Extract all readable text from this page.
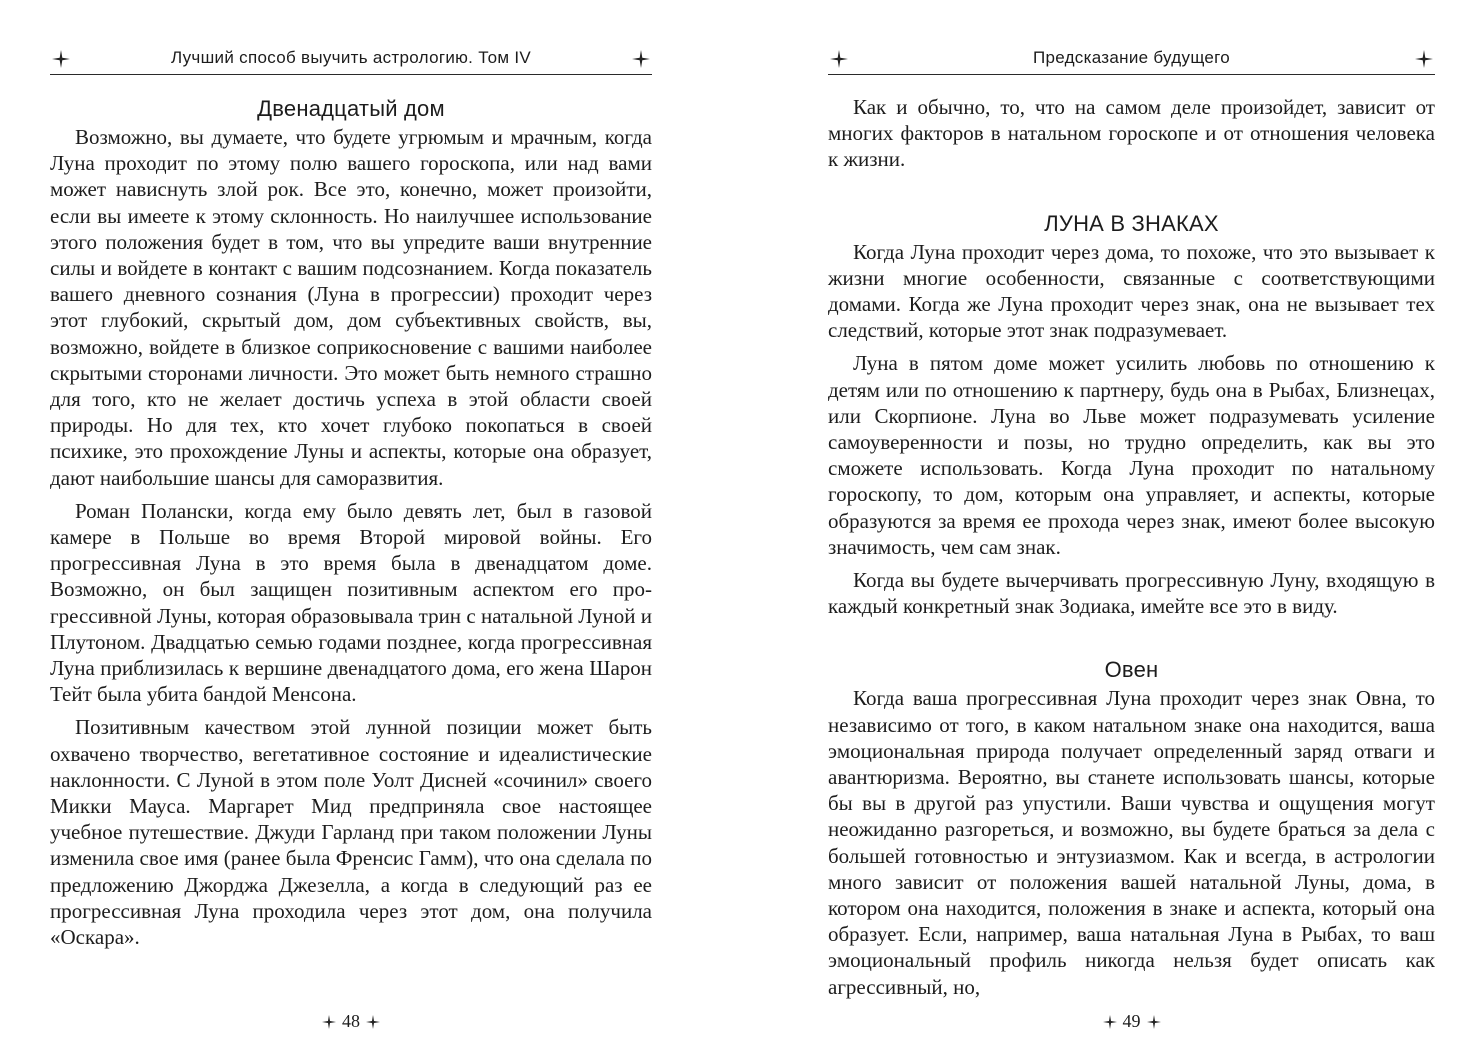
Лучший способ выучить астрологию. Том IV
Двенадцатый дом

Возможно, вы думаете, что будете угрюмым и мрачным, когда Луна проходит по этому полю вашего гороскопа, или над вами может нависнуть злой рок. Все это, конечно, может произойти, если вы имеете к этому склонность. Но наилучшее использование этого положения будет в том, что вы упредите ваши внутренние силы и войдете в контакт с вашим подсознанием. Когда показатель вашего дневного сознания (Луна в прогрессии) проходит через этот глубокий, скрытый дом, дом субъективных свойств, вы, возможно, войдете в близкое соприкосновение с вашими наиболее скрытыми сторонами личности. Это может быть немного страшно для того, кто не желает достичь успеха в этой области своей природы. Но для тех, кто хочет глубоко покопаться в своей психике, это прохождение Луны и аспекты, которые она образует, дают наибольшие шансы для саморазвития.

Роман Полански, когда ему было девять лет, был в газовой камере в Польше во время Второй мировой войны. Его прогрессивная Луна в это время была в двенадцатом доме. Возможно, он был защищен позитивным аспектом его прогрессивной Луны, которая образовывала трин с натальной Луной и Плутоном. Двадцатью семью годами позднее, когда прогрессивная Луна приблизилась к вершине двенадцатого дома, его жена Шарон Тейт была убита бандой Менсона.

Позитивным качеством этой лунной позиции может быть охвачено творчество, вегетативное состояние и идеалистические наклонности. С Луной в этом поле Уолт Дисней «сочинил» своего Микки Мауса. Маргарет Мид предприняла свое настоящее учебное путешествие. Джуди Гарланд при таком положении Луны изменила свое имя (ранее была Френсис Гамм), что она сделала по предложению Джорджа Джезелла, а когда в следующий раз ее прогрессивная Луна проходила через этот дом, она получила «Оскара».

48
Предсказание будущего

Как и обычно, то, что на самом деле произойдет, зависит от многих факторов в натальном гороскопе и от отношения человека к жизни.

ЛУНА В ЗНАКАХ

Когда Луна проходит через дома, то похоже, что это вызывает к жизни многие особенности, связанные с соответствующими домами. Когда же Луна проходит через знак, она не вызывает тех следствий, которые этот знак подразумевает.

Луна в пятом доме может усилить любовь по отношению к детям или по отношению к партнеру, будь она в Рыбах, Близнецах, или Скорпионе. Луна во Льве может подразумевать усиление самоуверенности и позы, но трудно определить, как вы это сможете использовать. Когда Луна проходит по натальному гороскопу, то дом, которым она управляет, и аспекты, которые образуются за время ее прохода через знак, имеют более высокую значимость, чем сам знак.

Когда вы будете вычерчивать прогрессивную Луну, входящую в каждый конкретный знак Зодиака, имейте все это в виду.

Овен

Когда ваша прогрессивная Луна проходит через знак Овна, то независимо от того, в каком натальном знаке она находится, ваша эмоциональная природа получает определенный заряд отваги и авантюризма. Вероятно, вы станете использовать шансы, которые бы вы в другой раз упустили. Ваши чувства и ощущения могут неожиданно разгореться, и возможно, вы будете браться за дела с большей готовностью и энтузиазмом. Как и всегда, в астрологии много зависит от положения вашей натальной Луны, дома, в котором она находится, положения в знаке и аспекта, который она образует. Если, например, ваша натальная Луна в Рыбах, то ваш эмоциональный профиль никогда нельзя будет описать как агрессивный, но,

49
